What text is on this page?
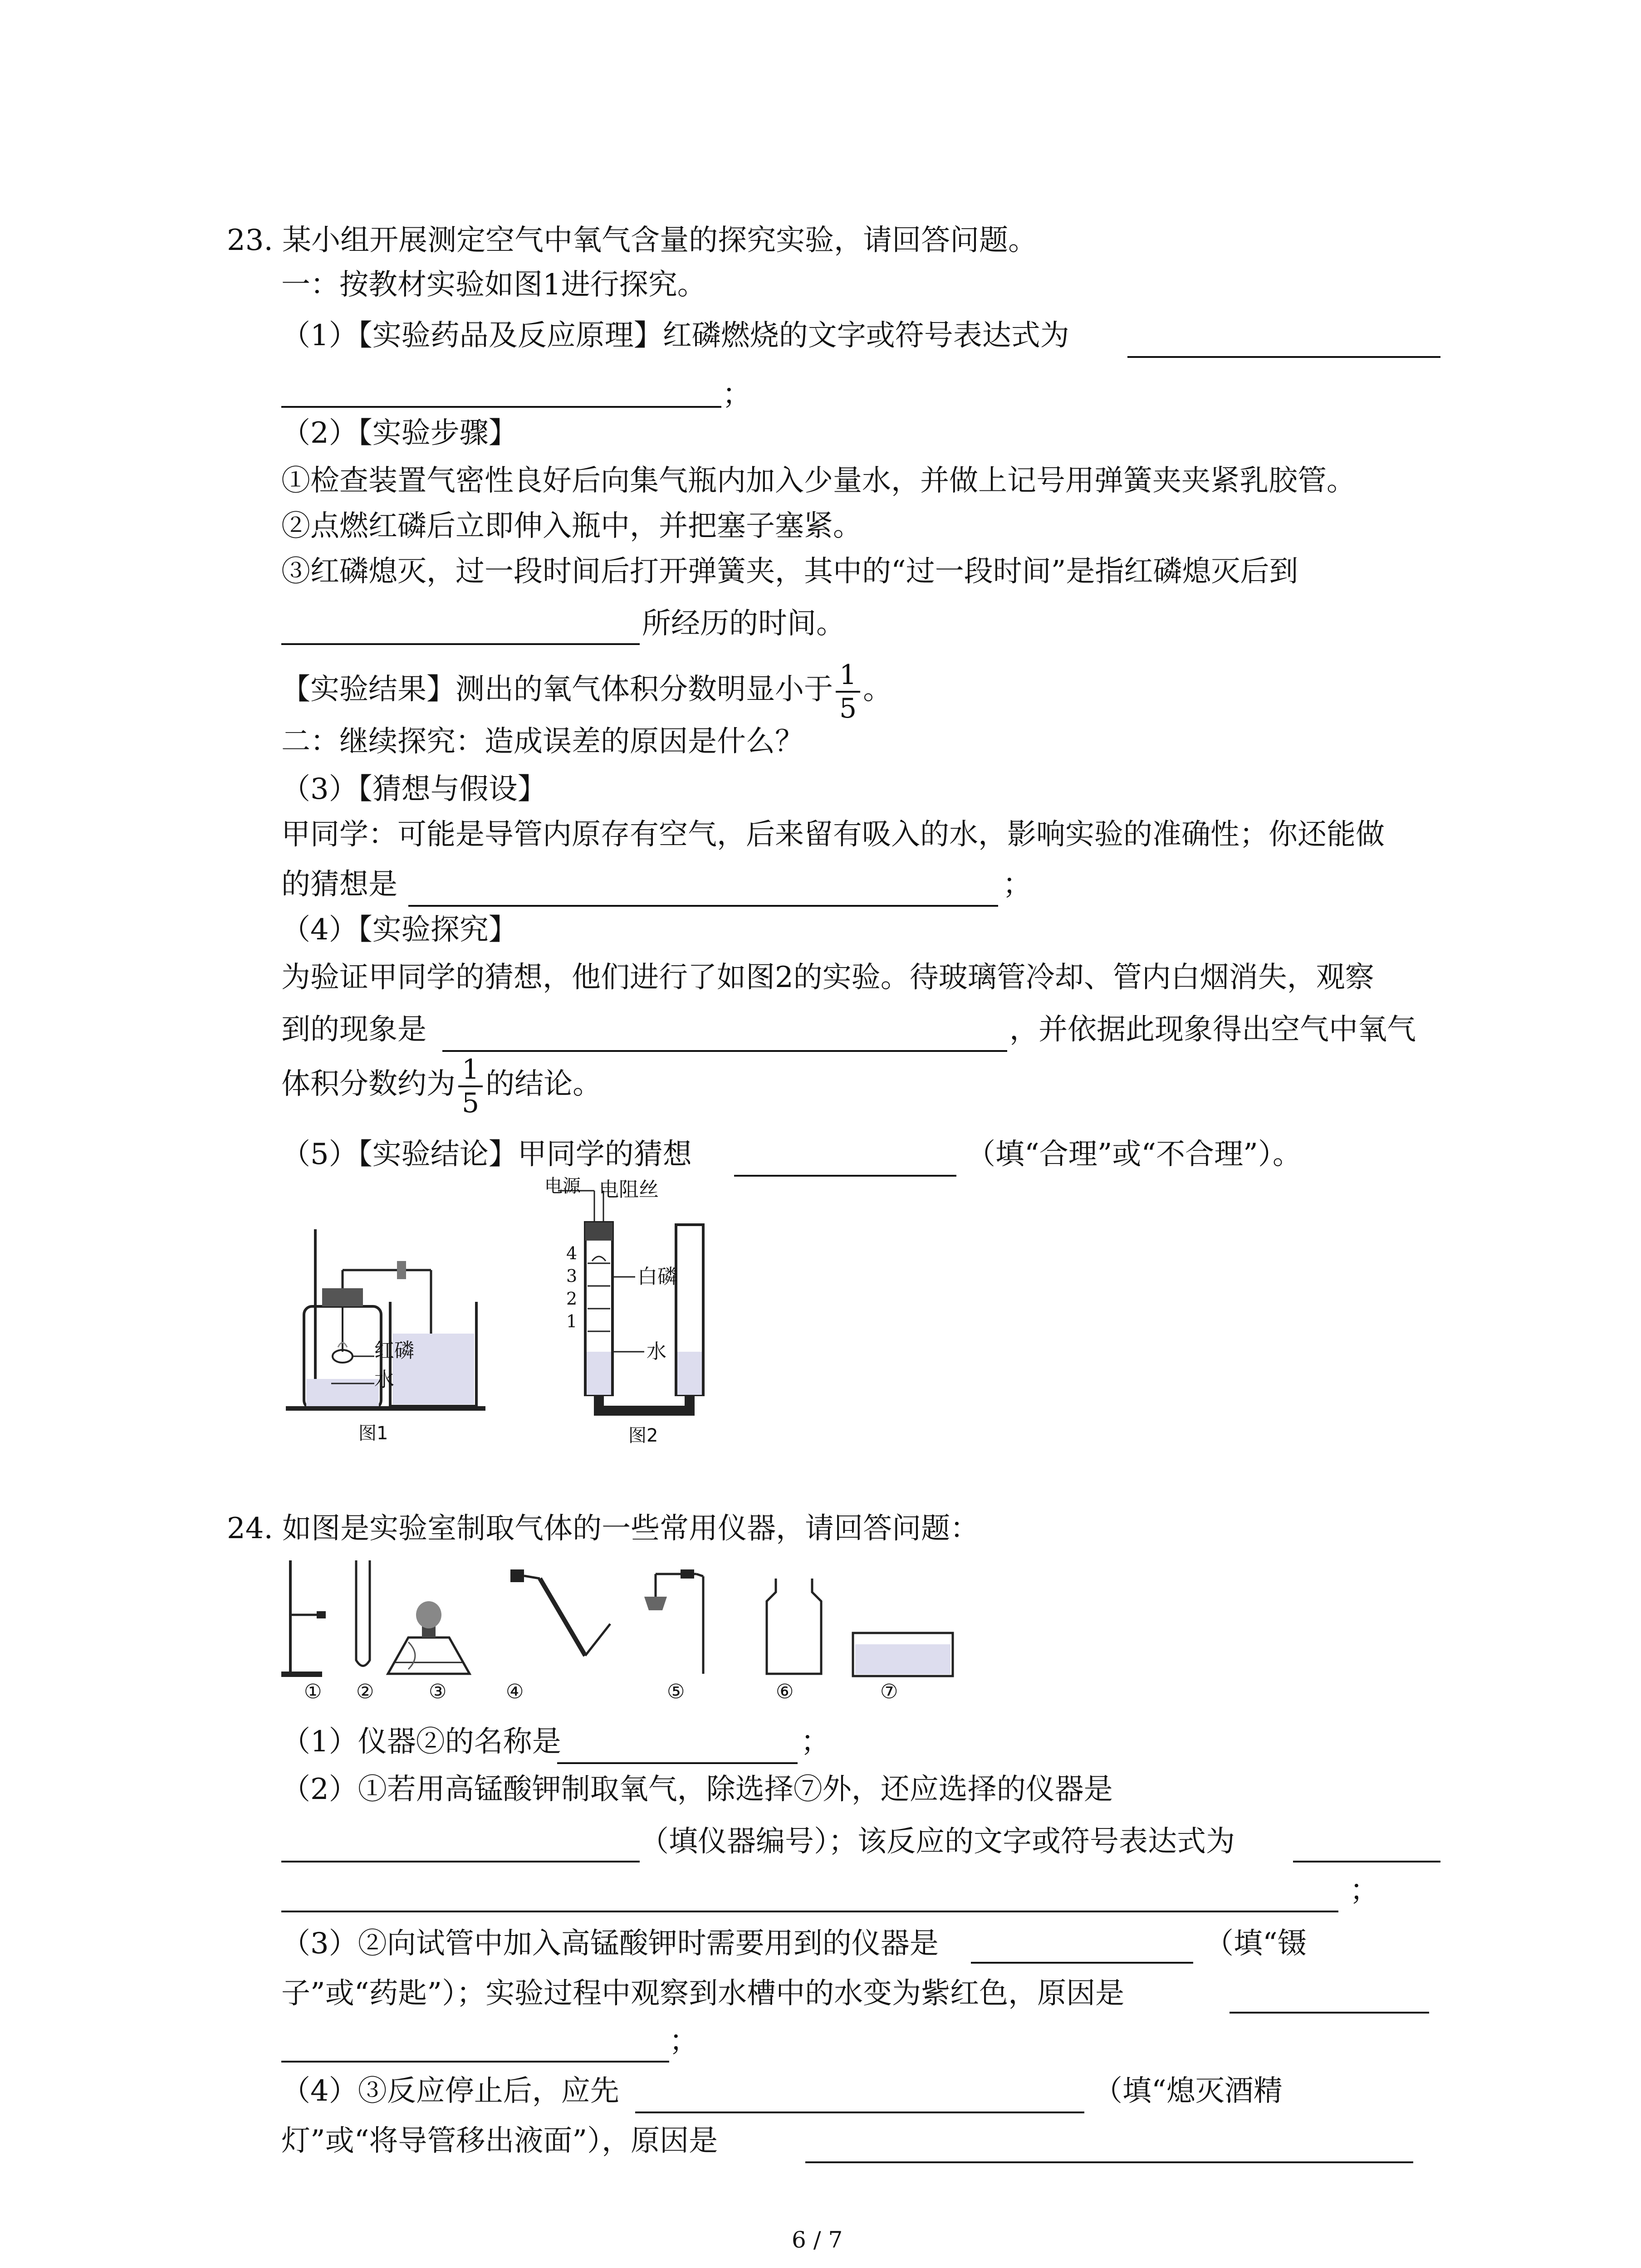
23. 某小组开展测定空气中氧气含量的探究实验，请回答问题。
一：按教材实验如图1进行探究。
（1）【实验药品及反应原理】红磷燃烧的文字或符号表达式为
；
（2）【实验步骤】
①检查装置气密性良好后向集气瓶内加入少量水，并做上记号用弹簧夹夹紧乳胶管。
②点燃红磷后立即伸入瓶中，并把塞子塞紧。
③红磷熄灭，过一段时间后打开弹簧夹，其中的“过一段时间”是指红磷熄灭后到
所经历的时间。
【实验结果】测出的氧气体积分数明显小于 $\frac{1}{5}$ 。
二：继续探究：造成误差的原因是什么？
（3）【猜想与假设】
甲同学：可能是导管内原存有空气，后来留有吸入的水，影响实验的准确性；你还能做
的猜想是	；
（4）【实验探究】
为验证甲同学的猜想，他们进行了如图2的实验。待玻璃管冷却、管内白烟消失，观察
到的现象是	，并依据此现象得出空气中氧气
体积分数约为 $\frac{1}{5}$ 的结论。
（5）【实验结论】甲同学的猜想	（填“合理”或“不合理”）。
红磷
水
图1
电源 电阻丝
白磷
水
4
3
2
1
图2
24. 如图是实验室制取气体的一些常用仪器，请回答问题：
① ②	③	④	⑤	⑥	⑦
（1）仪器②的名称是	；
（2）①若用高锰酸钾制取氧气，除选择⑦外，还应选择的仪器是
（填仪器编号）；该反应的文字或符号表达式为
；
（3）②向试管中加入高锰酸钾时需要用到的仪器是	（填“镊
子”或“药匙”）；实验过程中观察到水槽中的水变为紫红色，原因是
；
（4）③反应停止后，应先	（填“熄灭酒精
灯”或“将导管移出液面”），原因是
6 / 7
